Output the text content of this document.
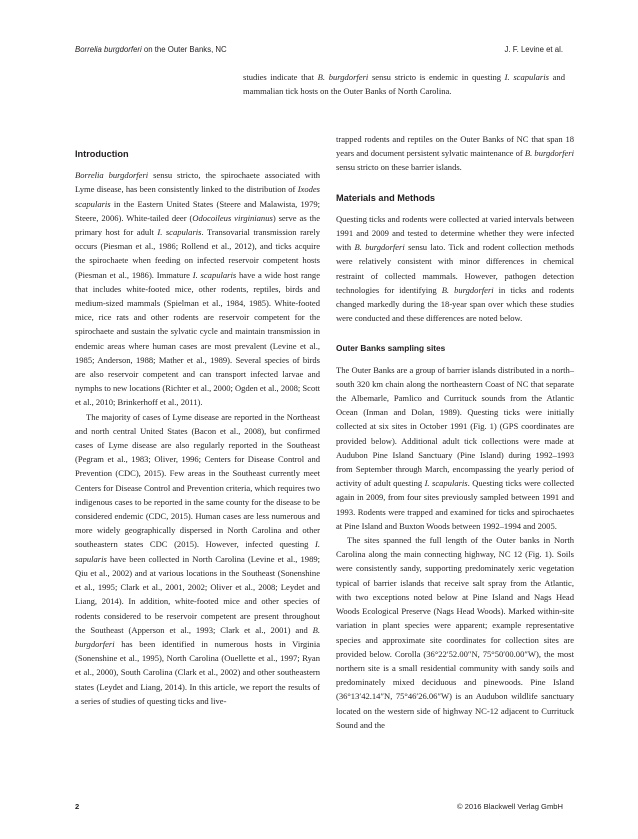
Borrelia burgdorferi on the Outer Banks, NC	J. F. Levine et al.
studies indicate that B. burgdorferi sensu stricto is endemic in questing I. scapularis and mammalian tick hosts on the Outer Banks of North Carolina.
Introduction

Borrelia burgdorferi sensu stricto, the spirochaete associated with Lyme disease, has been consistently linked to the distribution of Ixodes scapularis in the Eastern United States (Steere and Malawista, 1979; Steere, 2006). White-tailed deer (Odocoileus virginianus) serve as the primary host for adult I. scapularis. Transovarial transmission rarely occurs (Piesman et al., 1986; Rollend et al., 2012), and ticks acquire the spirochaete when feeding on infected reservoir competent hosts (Piesman et al., 1986). Immature I. scapularis have a wide host range that includes white-footed mice, other rodents, reptiles, birds and medium-sized mammals (Spielman et al., 1984, 1985). White-footed mice, rice rats and other rodents are reservoir competent for the spirochaete and sustain the sylvatic cycle and maintain transmission in endemic areas where human cases are most prevalent (Levine et al., 1985; Anderson, 1988; Mather et al., 1989). Several species of birds are also reservoir competent and can transport infected larvae and nymphs to new locations (Richter et al., 2000; Ogden et al., 2008; Scott et al., 2010; Brinkerhoff et al., 2011).

The majority of cases of Lyme disease are reported in the Northeast and north central United States (Bacon et al., 2008), but confirmed cases of Lyme disease are also regularly reported in the Southeast (Pegram et al., 1983; Oliver, 1996; Centers for Disease Control and Prevention (CDC), 2015). Few areas in the Southeast currently meet Centers for Disease Control and Prevention criteria, which requires two indigenous cases to be reported in the same county for the disease to be considered endemic (CDC, 2015). Human cases are less numerous and more widely geographically dispersed in North Carolina and other southeastern states CDC (2015). However, infected questing I. sapularis have been collected in North Carolina (Levine et al., 1989; Qiu et al., 2002) and at various locations in the Southeast (Sonenshine et al., 1995; Clark et al., 2001, 2002; Oliver et al., 2008; Leydet and Liang, 2014). In addition, white-footed mice and other species of rodents considered to be reservoir competent are present throughout the Southeast (Apperson et al., 1993; Clark et al., 2001) and B. burgdorferi has been identified in numerous hosts in Virginia (Sonenshine et al., 1995), North Carolina (Ouellette et al., 1997; Ryan et al., 2000), South Carolina (Clark et al., 2002) and other southeastern states (Leydet and Liang, 2014). In this article, we report the results of a series of studies of questing ticks and live-

trapped rodents and reptiles on the Outer Banks of NC that span 18 years and document persistent sylvatic maintenance of B. burgdorferi sensu stricto on these barrier islands.

Materials and Methods

Questing ticks and rodents were collected at varied intervals between 1991 and 2009 and tested to determine whether they were infected with B. burgdorferi sensu lato. Tick and rodent collection methods were relatively consistent with minor differences in chemical restraint of collected mammals. However, pathogen detection technologies for identifying B. burgdorferi in ticks and rodents changed markedly during the 18-year span over which these studies were conducted and these differences are noted below.

Outer Banks sampling sites

The Outer Banks are a group of barrier islands distributed in a north–south 320 km chain along the northeastern Coast of NC that separate the Albemarle, Pamlico and Currituck sounds from the Atlantic Ocean (Inman and Dolan, 1989). Questing ticks were initially collected at six sites in October 1991 (Fig. 1) (GPS coordinates are provided below). Additional adult tick collections were made at Audubon Pine Island Sanctuary (Pine Island) during 1992–1993 from September through March, encompassing the yearly period of activity of adult questing I. scapularis. Questing ticks were collected again in 2009, from four sites previously sampled between 1991 and 1993. Rodents were trapped and examined for ticks and spirochaetes at Pine Island and Buxton Woods between 1992–1994 and 2005.

The sites spanned the full length of the Outer banks in North Carolina along the main connecting highway, NC 12 (Fig. 1). Soils were consistently sandy, supporting predominately xeric vegetation typical of barrier islands that receive salt spray from the Atlantic, with two exceptions noted below at Pine Island and Nags Head Woods Ecological Preserve (Nags Head Woods). Marked within-site variation in plant species were apparent; example representative species and approximate site coordinates for collection sites are provided below. Corolla (36°22′52.00″N, 75°50′00.00″W), the most northern site is a small residential community with sandy soils and predominately mixed deciduous and pinewoods. Pine Island (36°13′42.14″N, 75°46′26.06″W) is an Audubon wildlife sanctuary located on the western side of highway NC-12 adjacent to Currituck Sound and the

2	© 2016 Blackwell Verlag GmbH
